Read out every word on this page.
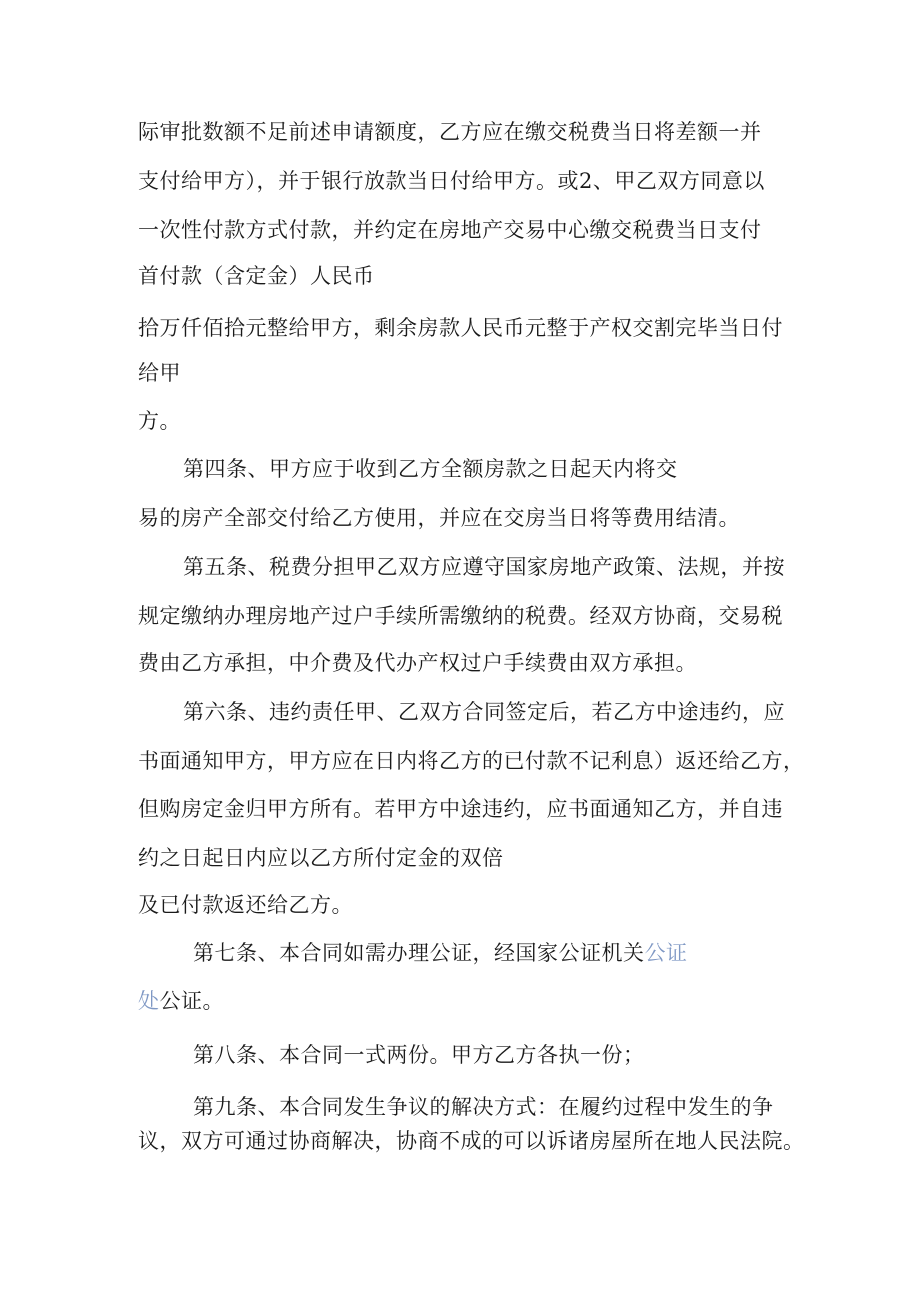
际审批数额不足前述申请额度，乙方应在缴交税费当日将差额一并

支付给甲方），并于银行放款当日付给甲方。或2、甲乙双方同意以

一次性付款方式付款，并约定在房地产交易中心缴交税费当日支付

首付款（含定金）人民币

拾万仟佰拾元整给甲方，剩余房款人民币元整于产权交割完毕当日付

给甲

方。

第四条、甲方应于收到乙方全额房款之日起天内将交

易的房产全部交付给乙方使用，并应在交房当日将等费用结清。

第五条、税费分担甲乙双方应遵守国家房地产政策、法规，并按

规定缴纳办理房地产过户手续所需缴纳的税费。经双方协商，交易税

费由乙方承担，中介费及代办产权过户手续费由双方承担。

第六条、违约责任甲、乙双方合同签定后，若乙方中途违约，应

书面通知甲方，甲方应在日内将乙方的已付款不记利息）返还给乙方，

但购房定金归甲方所有。若甲方中途违约，应书面通知乙方，并自违

约之日起日内应以乙方所付定金的双倍

及已付款返还给乙方。

第七条、本合同如需办理公证，经国家公证机关公证

处公证。

第八条、本合同一式两份。甲方乙方各执一份；

第九条、本合同发生争议的解决方式：在履约过程中发生的争

议，双方可通过协商解决，协商不成的可以诉诸房屋所在地人民法院。
